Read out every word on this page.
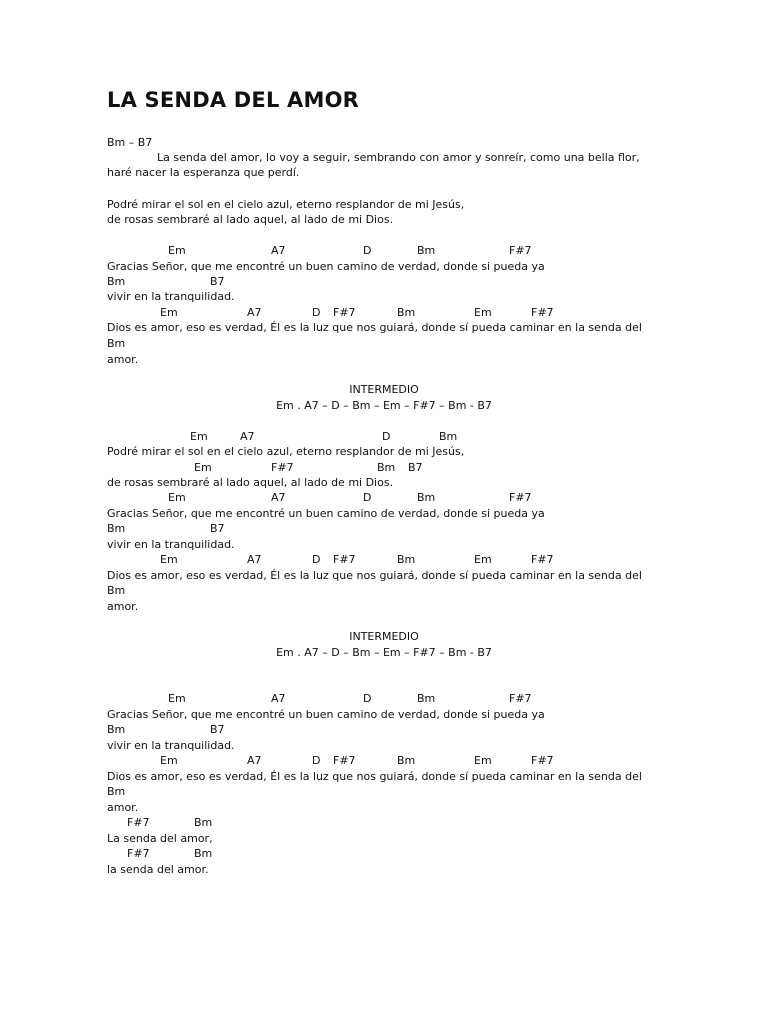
LA SENDA DEL AMOR
Bm – B7
La senda del amor, lo voy a seguir, sembrando con amor y sonreír, como una bella flor,
haré nacer la esperanza que perdí.
Podré mirar el sol en el cielo azul, eterno resplandor de mi Jesús,
de rosas sembraré al lado aquel, al lado de mi Dios.
Em	A7	D	Bm	F#7
Gracias Señor, que me encontré un buen camino de verdad, donde si pueda ya
Bm	B7
vivir en la tranquilidad.
Em	A7	D F#7	Bm	Em	F#7
Dios es amor, eso es verdad, Él es la luz que nos guiará, donde sí pueda caminar en la senda del
Bm
amor.
INTERMEDIO
Em . A7 – D – Bm – Em – F#7 – Bm - B7
Em	A7	D	Bm
Podré mirar el sol en el cielo azul, eterno resplandor de mi Jesús,
Em	F#7	Bm B7
de rosas sembraré al lado aquel, al lado de mi Dios.
Em	A7	D	Bm	F#7
Gracias Señor, que me encontré un buen camino de verdad, donde si pueda ya
Bm	B7
vivir en la tranquilidad.
Em	A7	D F#7	Bm	Em	F#7
Dios es amor, eso es verdad, Él es la luz que nos guiará, donde sí pueda caminar en la senda del
Bm
amor.
INTERMEDIO
Em . A7 – D – Bm – Em – F#7 – Bm - B7
Em	A7	D	Bm	F#7
Gracias Señor, que me encontré un buen camino de verdad, donde si pueda ya
Bm	B7
vivir en la tranquilidad.
Em	A7	D F#7	Bm	Em	F#7
Dios es amor, eso es verdad, Él es la luz que nos guiará, donde sí pueda caminar en la senda del
Bm
amor.
F#7	Bm
La senda del amor,
F#7	Bm
la senda del amor.
